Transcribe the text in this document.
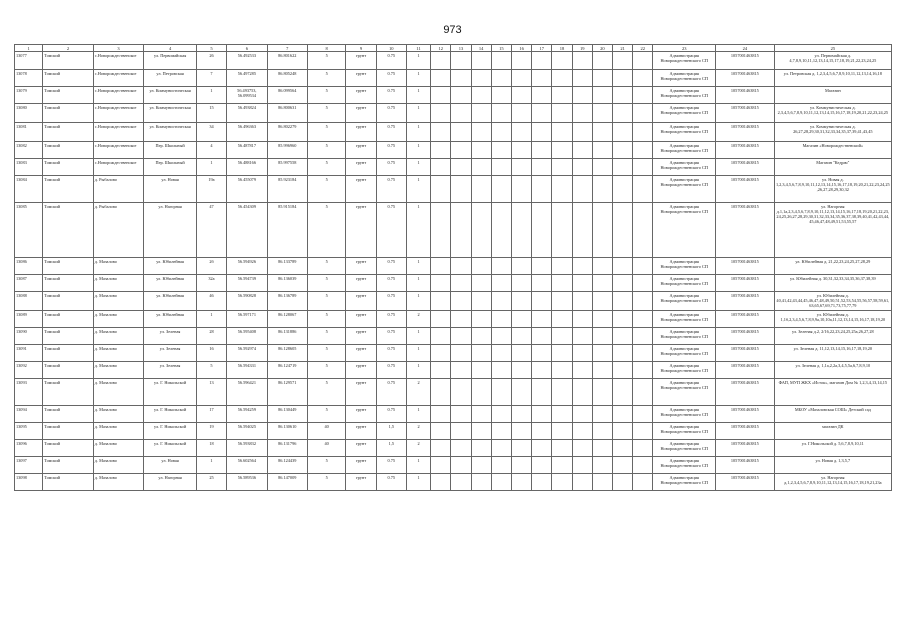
973
1	2	3	4	5	6	7	8	9	10	11	12	13	14	15	16	17	18	19	20	21	22	23	24	25
13077	Томский	с.Новорождественское	ул. Первомайская	26	56.492533	86.801622	5	грунт	0.75	1												Администрация Новорождественского СП	1057001463815	ул. Первомайская д. 4,7,8,9,10,11,12,13,14,15,17,18,19,21,22,23,24,25
13078	Томский	с.Новорождественское	ул. Петровская	7	56.497285	86.805248	5	грунт	0.75	1												Администрация Новорождественского СП	1057001463815	ул. Петровская д. 1,2,3,4,5,6,7,8,9,10,11,12,13,14,16,18
13079	Томский	с.Новорождественское	ул. Коммунистическая	1	56.493753, 56.099534	86.099564	5	грунт	0.75	1												Администрация Новорождественского СП	1057001463815	Магазин
13080	Томский	с.Новорождественское	ул. Коммунистическая	15	56.493824	86.800631	5	грунт	0.75	1												Администрация Новорождественского СП	1057001463815	ул. Коммунистическая д. 2,3,4,5,6,7,8,9,10,11,12,13,14,15,16,17,18,19,20,21,22,23,24,25
13081	Томский	с.Новорождественское	ул. Коммунистическая	34	56.496363	86.802279	5	грунт	0.75	1												Администрация Новорождественского СП	1057001463815	ул. Коммунистическая д. 26,27,28,29,30,31,32,33,34,35,37,39,41,43,45
13082	Томский	с.Новорождественское	Пер. Школьный	4	56.487817	85.996960	5	грунт	0.75	1												Администрация Новорождественского СП	1057001463815	Магазин «Новорождественский»
13083	Томский	с.Новорождественское	Пер. Школьный	1	56.488166	85.997558	5	грунт	0.75	1												Администрация Новорождественского СП	1057001463815	Магазин "Кедрач"
13084	Томский	д. Рыбалово	ул. Новая	19а	56.455079	85.923184	5	грунт	0.75	1												Администрация Новорождественского СП	1057001463815	ул. Новая д. 1,2,3,4,5,6,7,8,9,10,11,12,13,14,15,16,17,18,19,20,21,22,23,24,25,26,27,28,29,30,32
13085	Томский	д. Рыбалово	ул. Нагорная	47	56.454309	85.915184	5	грунт	0.75	1												Администрация Новорождественского СП	1057001463815	ул. Нагорная д.1,1а,2,3,4,5,6,7,8,9,10,11,12,13,14,15,16,17,18,19,20,21,22,23,24,25,26,27,28,29,30,31,32,33,34,35,36,37,38,39,40,41,42,43,44,45,46,47,48,49,51,53,55,57
13086	Томский	д. Мазалово	ул. Юбилейная	2б	56.594926	86.133789	5	грунт	0.75	1												Администрация Новорождественского СП	1057001463815	ул. Юбилейная д. 21,22,23,24,25,27,28,29
13087	Томский	д. Мазалово	ул. Юбилейная	32а	56.594739	86.136039	5	грунт	0.75	1												Администрация Новорождественского СП	1057001463815	ул. Юбилейная д. 30,31,32,33,34,35,36,37,38,39
13088	Томский	д. Мазалово	ул. Юбилейная	46	56.590828	86.136789	5	грунт	0.75	1												Администрация Новорождественского СП	1057001463815	ул. Юбилейная д. 40,41,42,43,44,45,46,47,48,49,50,51,52,53,54,55,56,57,58,59,61,63,65,67,69,71,73,75,77,79
13089	Томский	д. Мазалово	ул. Юбилейная	1	56.597171	86.128067	5	грунт	0.75	2												Администрация Новорождественского СП	1057001463815	ул. Юбилейная д. 1,1б,2,3,4,5,6,7,8,9,9а,10,10а,11,12,13,14,15,16,17,18,19,20
13090	Томский	д. Мазалово	ул. Зеленая	28	56.595408	86.131886	5	грунт	0.75	1												Администрация Новорождественского СП	1057001463815	ул. Зеленая д.2, 2/16,22,23,24,25,25а,26,27,28
13091	Томский	д. Мазалово	ул. Зеленая	16	56.592974	86.128605	5	грунт	0.75	1												Администрация Новорождественского СП	1057001463815	ул. Зеленая д. 11,12,13,14,15,16,17,18,19,20
13092	Томский	д. Мазалово	ул. Зеленая	5	56.594331	86.124719	5	грунт	0.75	1												Администрация Новорождественского СП	1057001463815	ул. Зеленая д. 1,1а,2,2а,3,4,5,5а,6,7,8,9,10
13093	Томский	д. Мазалово	ул. Г. Никольской	13	56.596421	86.129571	5	грунт	0.75	2												Администрация Новорождественского СП	1057001463815	ФАП, МУП ЖКХ «Исток», магазин Дом № 1,2,3,4,13,14,15
13094	Томский	д. Мазалово	ул. Г. Никольской	17	56.594259	86.130449	5	грунт	0.75	1												Администрация Новорождественского СП	1057001463815	МБОУ «Мазаловская СОШ» Детский сад
13095	Томский	д. Мазалово	ул. Г. Никольской	19	56.594025	86.130610	40	грунт	1,5	2												Администрация Новорождественского СП	1057001463815	магазин ДК
13096	Томский	д. Мазалово	ул. Г. Никольской	18	56.593832	86.131796	40	грунт	1,5	2												Администрация Новорождественского СП	1057001463815	ул. Г.Никольской д. 5,6,7,8,9,10,11
13097	Томский	д. Мазалово	ул. Новая	1	56.602564	86.124439	5	грунт	0.75	1												Администрация Новорождественского СП	1057001463815	ул. Новая д. 1,3,5,7
13098	Томский	д. Мазалово	ул. Нагорная	25	56.589536	86.147009	5	грунт	0.75	1												Администрация Новорождественского СП	1057001463815	ул. Нагорная д.1,2,3,4,5,6,7,8,9,10,11,12,13,14,15,16,17,18,19,21,23а
